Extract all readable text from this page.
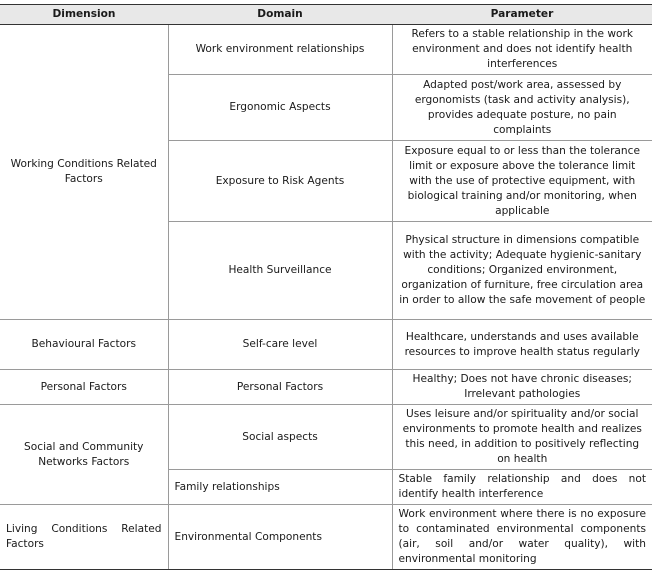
Dimension	Domain	Parameter
Working Conditions Related Factors	Work environment relationships	Refers to a stable relationship in the work environment and does not identify health interferences
	Ergonomic Aspects	Adapted post/work area, assessed by ergonomists (task and activity analysis), provides adequate posture, no pain complaints
	Exposure to Risk Agents	Exposure equal to or less than the tolerance limit or exposure above the tolerance limit with the use of protective equipment, with biological training and/or monitoring, when applicable
	Health Surveillance	Physical structure in dimensions compatible with the activity; Adequate hygienic-sanitary conditions; Organized environment, organization of furniture, free circulation area in order to allow the safe movement of people
Behavioural Factors	Self-care level	Healthcare, understands and uses available resources to improve health status regularly
Personal Factors	Personal Factors	Healthy; Does not have chronic diseases; Irrelevant pathologies
Social and Community Networks Factors	Social aspects	Uses leisure and/or spirituality and/or social environments to promote health and realizes this need, in addition to positively reflecting on health
	Family relationships	Stable family relationship and does not identify health interference
Living Conditions Related Factors	Environmental Components	Work environment where there is no exposure to contaminated environmental components (air, soil and/or water quality), with environmental monitoring
